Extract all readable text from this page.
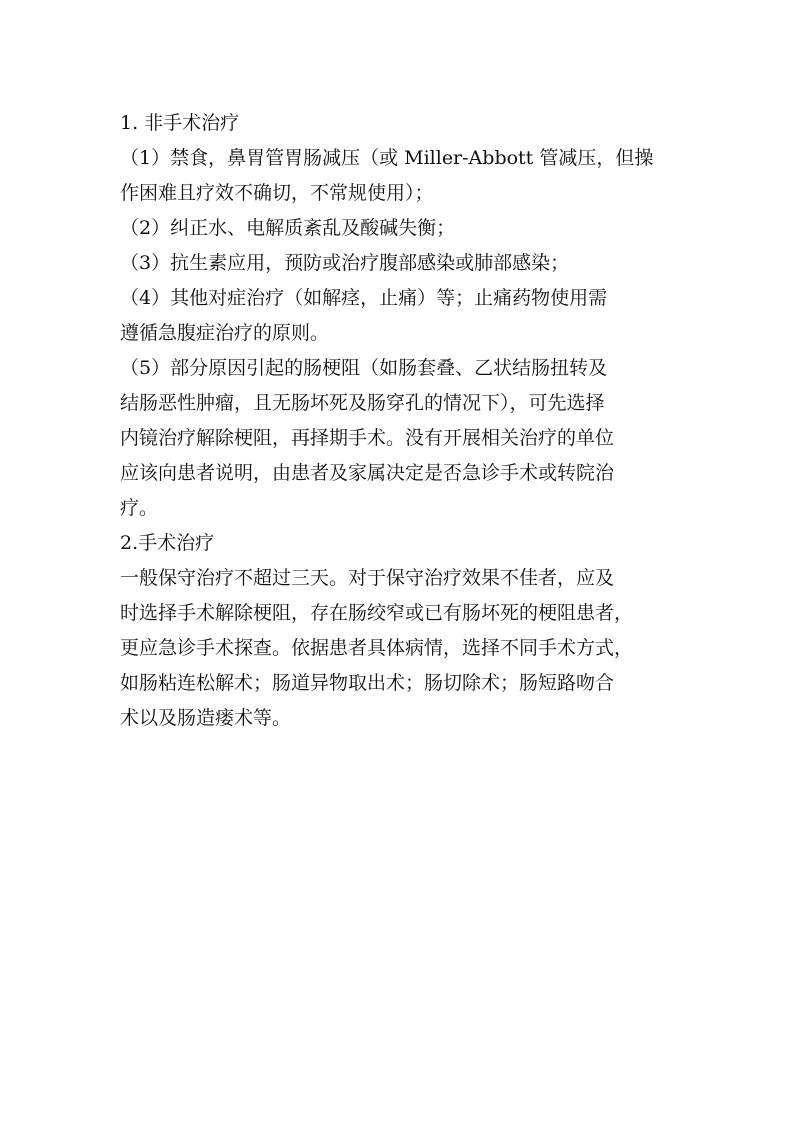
1. 非手术治疗
（1）禁食，鼻胃管胃肠减压（或 Miller-Abbott 管减压，但操
作困难且疗效不确切，不常规使用）；
（2）纠正水、电解质紊乱及酸碱失衡；
（3）抗生素应用，预防或治疗腹部感染或肺部感染；
（4）其他对症治疗（如解痉，止痛）等；止痛药物使用需
遵循急腹症治疗的原则。
（5）部分原因引起的肠梗阻（如肠套叠、乙状结肠扭转及
结肠恶性肿瘤，且无肠坏死及肠穿孔的情况下），可先选择
内镜治疗解除梗阻，再择期手术。没有开展相关治疗的单位
应该向患者说明，由患者及家属决定是否急诊手术或转院治
疗。
2.手术治疗
一般保守治疗不超过三天。对于保守治疗效果不佳者，应及
时选择手术解除梗阻，存在肠绞窄或已有肠坏死的梗阻患者，
更应急诊手术探查。依据患者具体病情，选择不同手术方式，
如肠粘连松解术；肠道异物取出术；肠切除术；肠短路吻合
术以及肠造瘘术等。
